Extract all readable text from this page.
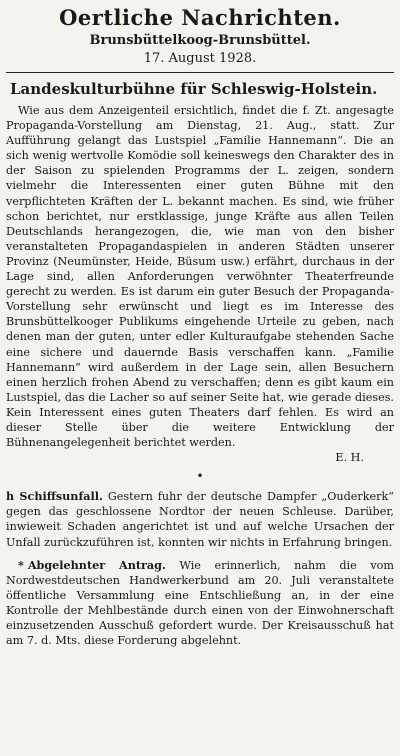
Oertliche Nachrichten.
Brunsbüttelkoog-Brunsbüttel.
17. August 1928.
Landeskulturbühne für Schleswig-Holstein.

Wie aus dem Anzeigenteil ersichtlich, findet die f. Zt. angesagte Propaganda-Vorstellung am Dienstag, 21. Aug., statt. Zur Aufführung gelangt das Lustspiel „Familie Hannemann“. Die an sich wenig wertvolle Komödie soll keineswegs den Charakter des in der Saison zu spielenden Programms der L. zeigen, sondern vielmehr die Interessenten einer guten Bühne mit den verpflichteten Kräften der L. bekannt machen. Es sind, wie früher schon berichtet, nur erstklassige, junge Kräfte aus allen Teilen Deutschlands herangezogen, die, wie man von den bisher veranstalteten Propagandaspielen in anderen Städten unserer Provinz (Neumünster, Heide, Büsum usw.) erfährt, durchaus in der Lage sind, allen Anforderungen verwöhnter Theaterfreunde gerecht zu werden. Es ist darum ein guter Besuch der Propaganda-Vorstellung sehr erwünscht und liegt es im Interesse des Brunsbüttelkooger Publikums eingehende Urteile zu geben, nach denen man der guten, unter edler Kulturaufgabe stehenden Sache eine sichere und dauernde Basis verschaffen kann. „Familie Hannemann“ wird außerdem in der Lage sein, allen Besuchern einen herzlich frohen Abend zu verschaffen; denn es gibt kaum ein Lustspiel, das die Lacher so auf seiner Seite hat, wie gerade dieses. Kein Interessent eines guten Theaters darf fehlen. Es wird an dieser Stelle über die weitere Entwicklung der Bühnenangelegenheit berichtet werden.

E. H.

•

h Schiffsunfall. Gestern fuhr der deutsche Dampfer „Ouderkerk“ gegen das geschlossene Nordtor der neuen Schleuse. Darüber, inwieweit Schaden angerichtet ist und auf welche Ursachen der Unfall zurückzuführen ist, konnten wir nichts in Erfahrung bringen.

* Abgelehnter Antrag. Wie erinnerlich, nahm die vom Nordwestdeutschen Handwerkerbund am 20. Juli veranstaltete öffentliche Versammlung eine Entschließung an, in der eine Kontrolle der Mehlbestände durch einen von der Einwohnerschaft einzusetzenden Ausschuß gefordert wurde. Der Kreisausschuß hat am 7. d. Mts. diese Forderung abgelehnt.
